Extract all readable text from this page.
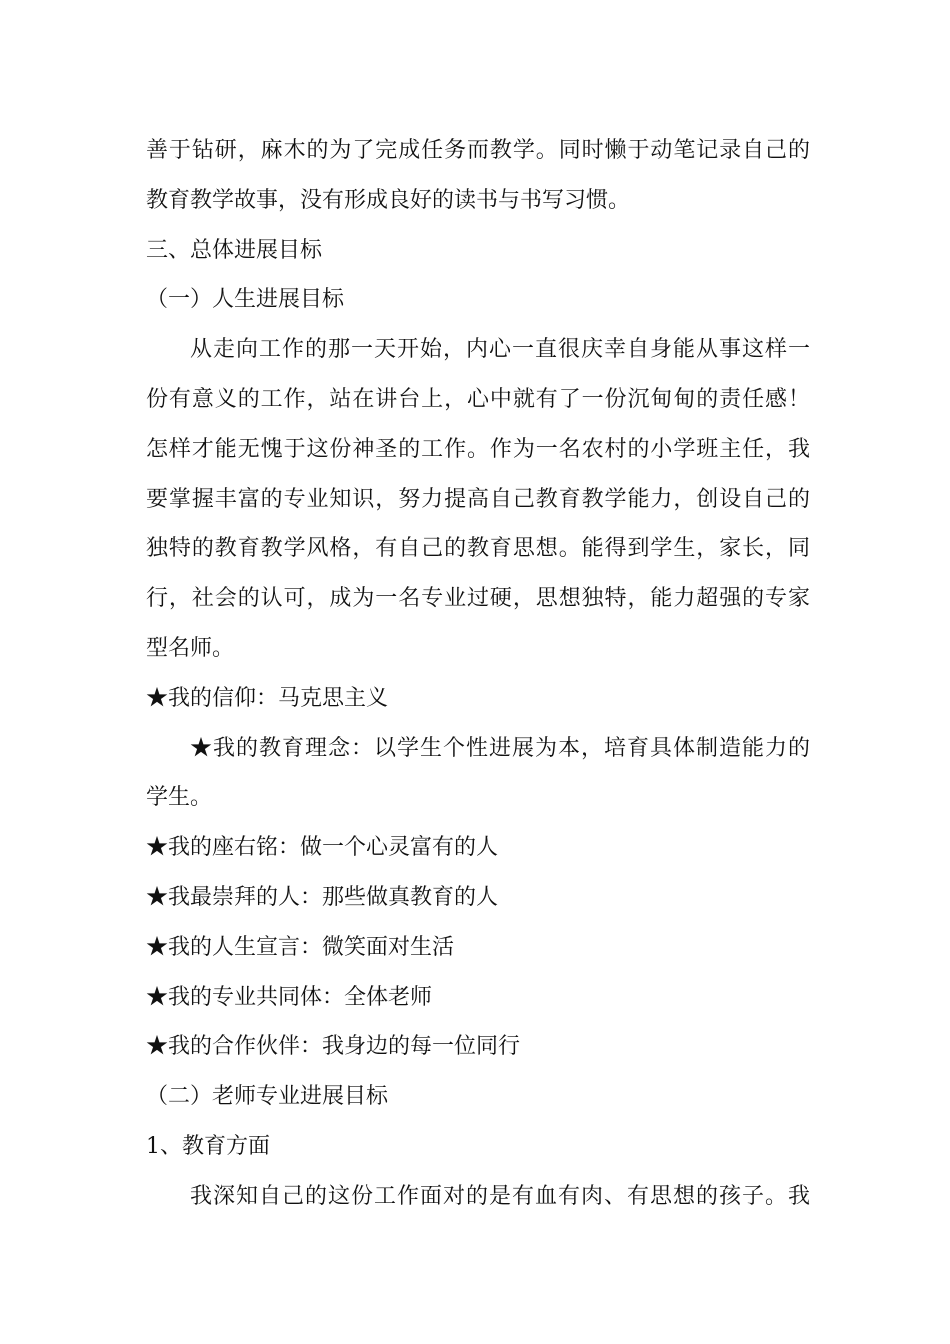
善于钻研，麻木的为了完成任务而教学。同时懒于动笔记录自己的
教育教学故事，没有形成良好的读书与书写习惯。

三、总体进展目标

（一）人生进展目标

从走向工作的那一天开始，内心一直很庆幸自身能从事这样一
份有意义的工作，站在讲台上，心中就有了一份沉甸甸的责任感！
怎样才能无愧于这份神圣的工作。作为一名农村的小学班主任，我
要掌握丰富的专业知识，努力提高自己教育教学能力，创设自己的
独特的教育教学风格，有自己的教育思想。能得到学生，家长，同
行，社会的认可，成为一名专业过硬，思想独特，能力超强的专家
型名师。

★我的信仰：马克思主义

★我的教育理念：以学生个性进展为本，培育具体制造能力的
学生。

★我的座右铭：做一个心灵富有的人

★我最崇拜的人：那些做真教育的人

★我的人生宣言：微笑面对生活

★我的专业共同体：全体老师

★我的合作伙伴：我身边的每一位同行

（二）老师专业进展目标

1、教育方面

我深知自己的这份工作面对的是有血有肉、有思想的孩子。我
